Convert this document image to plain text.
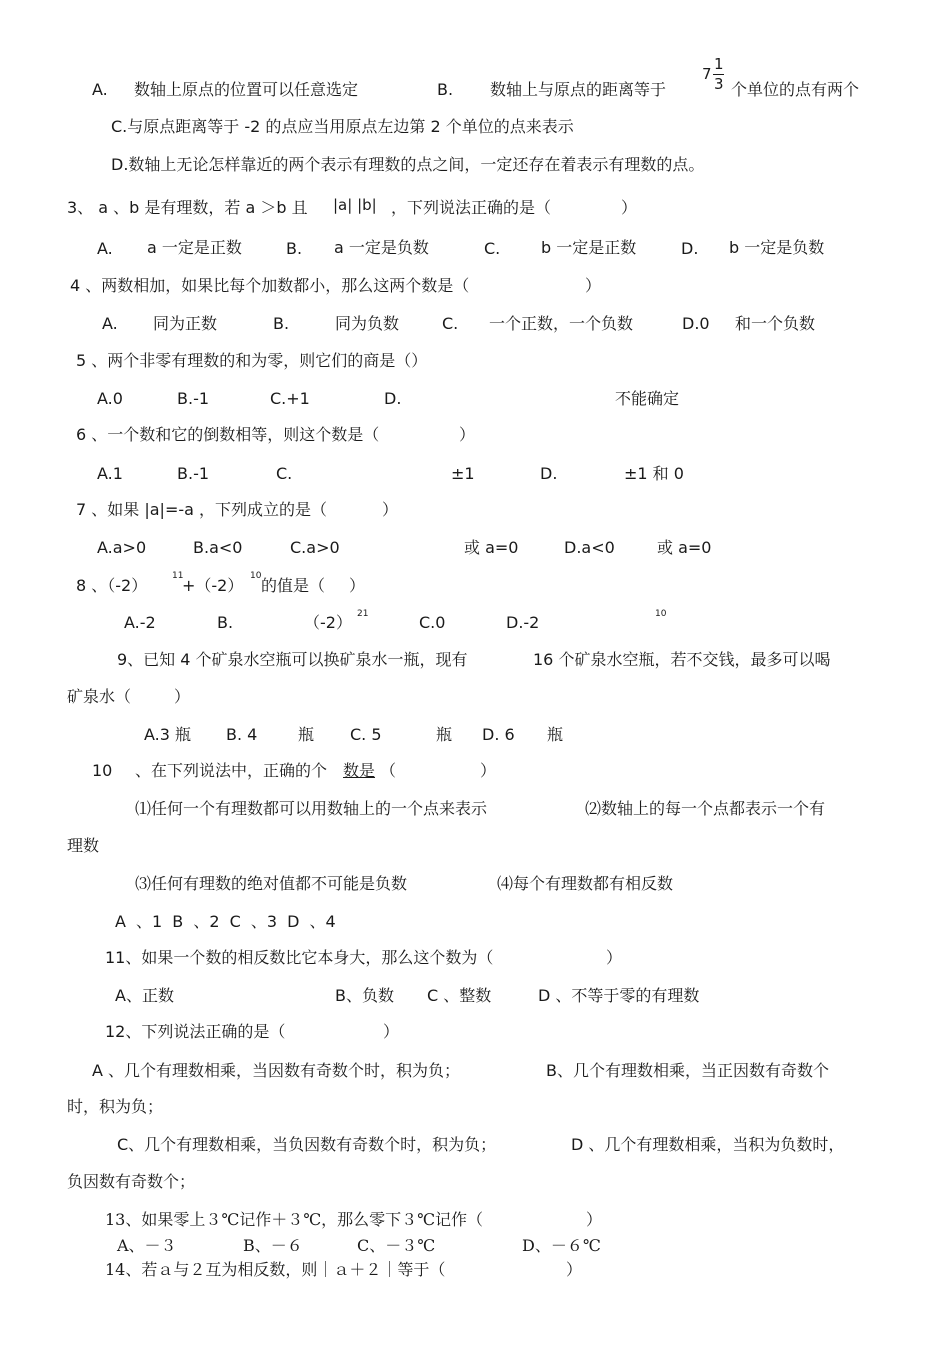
A. 数轴上原点的位置可以任意选定	B. 数轴上与原点的距离等于
7
1
3 个单位的点有两个
C.与原点距离等于 -2 的点应当用原点左边第 2 个单位的点来表示
D.数轴上无论怎样靠近的两个表示有理数的点之间，一定还存在着表示有理数的点。
3、 a 、b 是有理数，若 a ＞b 且 |a| |b| ，下列说法正确的是（	）
A. a 一定是正数	B. a 一定是负数	C.	b 一定是正数	D. b 一定是负数
4 、两数相加，如果比每个加数都小，那么这两个数是（	）
A. 同为正数	B.	同为负数	C. 一个正数，一个负数	D.0 和一个负数
5 、两个非零有理数的和为零，则它们的商是（）
A.0	B.-1	C.+1	D.	不能确定
6 、一个数和它的倒数相等，则这个数是（	）
A.1	B.-1	C.	±1	D.	±1 和 0
7 、如果 |a|=-a ，下列成立的是（	）
A.a>0	B.a<0	C.a>0	或 a=0	D.a<0	或 a=0
8 、（-2）	11
+（-2） 10 的值是（ ）
A.-2	B.	（-2） 21	C.0	D.-2	10
9、已知 4 个矿泉水空瓶可以换矿泉水一瓶，现有	16 个矿泉水空瓶，若不交钱，最多可以喝
矿泉水（	）
A.3 瓶 B. 4	瓶 C. 5	瓶 D. 6 瓶
10 、在下列说法中，正确的个 数是 （	）
⑴任何一个有理数都可以用数轴上的一个点来表示	⑵数轴上的每一个点都表示一个有
理数
⑶任何有理数的绝对值都不可能是负数	⑷每个有理数都有相反数
A 、1 B 、2 C 、3 D 、4
11、如果一个数的相反数比它本身大，那么这个数为（	）
A、正数	B、负数 C 、整数	D 、不等于零的有理数
12、下列说法正确的是（	）
A 、几个有理数相乘，当因数有奇数个时，积为负；	B、几个有理数相乘，当正因数有奇数个
时，积为负；
C、几个有理数相乘，当负因数有奇数个时，积为负；	D 、几个有理数相乘，当积为负数时，
负因数有奇数个；
13、如果零上３℃记作＋３℃，那么零下３℃记作（	）
A、－３	B、－６	C、－３℃	D、－６℃
14、若ａ与２互为相反数，则｜ａ＋２｜等于（	）
